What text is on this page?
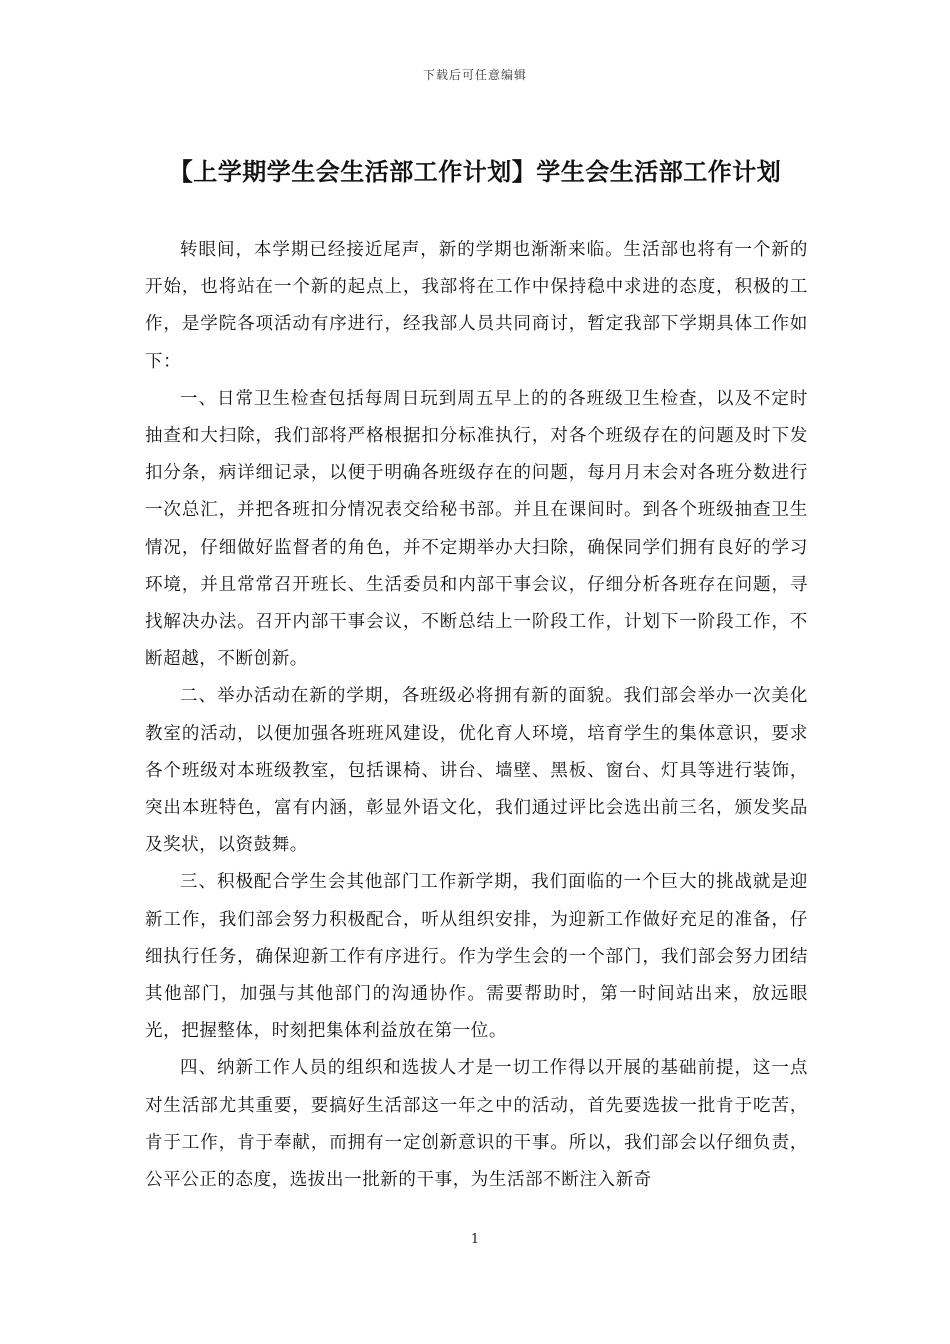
下载后可任意编辑
【上学期学生会生活部工作计划】学生会生活部工作计划

转眼间，本学期已经接近尾声，新的学期也渐渐来临。生活部也将有一个新的开始，也将站在一个新的起点上，我部将在工作中保持稳中求进的态度，积极的工作，是学院各项活动有序进行，经我部人员共同商讨，暂定我部下学期具体工作如下：

一、日常卫生检查包括每周日玩到周五早上的的各班级卫生检查，以及不定时抽查和大扫除，我们部将严格根据扣分标准执行，对各个班级存在的问题及时下发扣分条，病详细记录，以便于明确各班级存在的问题，每月月末会对各班分数进行一次总汇，并把各班扣分情况表交给秘书部。并且在课间时。到各个班级抽查卫生情况，仔细做好监督者的角色，并不定期举办大扫除，确保同学们拥有良好的学习环境，并且常常召开班长、生活委员和内部干事会议，仔细分析各班存在问题，寻找解决办法。召开内部干事会议，不断总结上一阶段工作，计划下一阶段工作，不断超越，不断创新。

二、举办活动在新的学期，各班级必将拥有新的面貌。我们部会举办一次美化教室的活动，以便加强各班班风建设，优化育人环境，培育学生的集体意识，要求各个班级对本班级教室，包括课椅、讲台、墙壁、黑板、窗台、灯具等进行装饰，突出本班特色，富有内涵，彰显外语文化，我们通过评比会选出前三名，颁发奖品及奖状，以资鼓舞。

三、积极配合学生会其他部门工作新学期，我们面临的一个巨大的挑战就是迎新工作，我们部会努力积极配合，听从组织安排，为迎新工作做好充足的准备，仔细执行任务，确保迎新工作有序进行。作为学生会的一个部门，我们部会努力团结其他部门，加强与其他部门的沟通协作。需要帮助时，第一时间站出来，放远眼光，把握整体，时刻把集体利益放在第一位。

四、纳新工作人员的组织和选拔人才是一切工作得以开展的基础前提，这一点对生活部尤其重要，要搞好生活部这一年之中的活动，首先要选拔一批肯于吃苦，肯于工作，肯于奉献，而拥有一定创新意识的干事。所以，我们部会以仔细负责，公平公正的态度，选拔出一批新的干事，为生活部不断注入新奇

1
